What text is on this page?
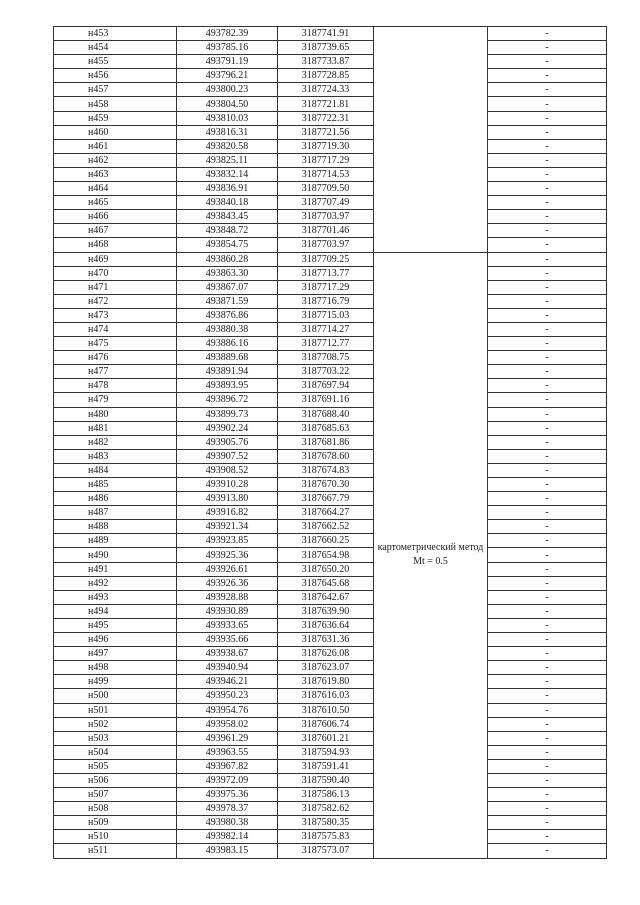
н453	493782.39	3187741.91		-
н454	493785.16	3187739.65		-
н455	493791.19	3187733.87		-
н456	493796.21	3187728.85		-
н457	493800.23	3187724.33		-
н458	493804.50	3187721.81		-
н459	493810.03	3187722.31		-
н460	493816.31	3187721.56		-
н461	493820.58	3187719.30		-
н462	493825.11	3187717.29		-
н463	493832.14	3187714.53		-
н464	493836.91	3187709.50		-
н465	493840.18	3187707.49		-
н466	493843.45	3187703.97		-
н467	493848.72	3187701.46		-
н468	493854.75	3187703.97		-
н469	493860.28	3187709.25	картометрический метод Mt = 0.5	-
н470	493863.30	3187713.77		-
н471	493867.07	3187717.29		-
н472	493871.59	3187716.79		-
н473	493876.86	3187715.03		-
н474	493880.38	3187714.27		-
н475	493886.16	3187712.77		-
н476	493889.68	3187708.75		-
н477	493891.94	3187703.22		-
н478	493893.95	3187697.94		-
н479	493896.72	3187691.16		-
н480	493899.73	3187688.40		-
н481	493902.24	3187685.63		-
н482	493905.76	3187681.86		-
н483	493907.52	3187678.60		-
н484	493908.52	3187674.83		-
н485	493910.28	3187670.30		-
н486	493913.80	3187667.79		-
н487	493916.82	3187664.27		-
н488	493921.34	3187662.52		-
н489	493923.85	3187660.25		-
н490	493925.36	3187654.98		-
н491	493926.61	3187650.20		-
н492	493926.36	3187645.68		-
н493	493928.88	3187642.67		-
н494	493930.89	3187639.90		-
н495	493933.65	3187636.64		-
н496	493935.66	3187631.36		-
н497	493938.67	3187626.08		-
н498	493940.94	3187623.07		-
н499	493946.21	3187619.80		-
н500	493950.23	3187616.03		-
н501	493954.76	3187610.50		-
н502	493958.02	3187606.74		-
н503	493961.29	3187601.21		-
н504	493963.55	3187594.93		-
н505	493967.82	3187591.41		-
н506	493972.09	3187590.40		-
н507	493975.36	3187586.13		-
н508	493978.37	3187582.62		-
н509	493980.38	3187580.35		-
н510	493982.14	3187575.83		-
н511	493983.15	3187573.07		-
